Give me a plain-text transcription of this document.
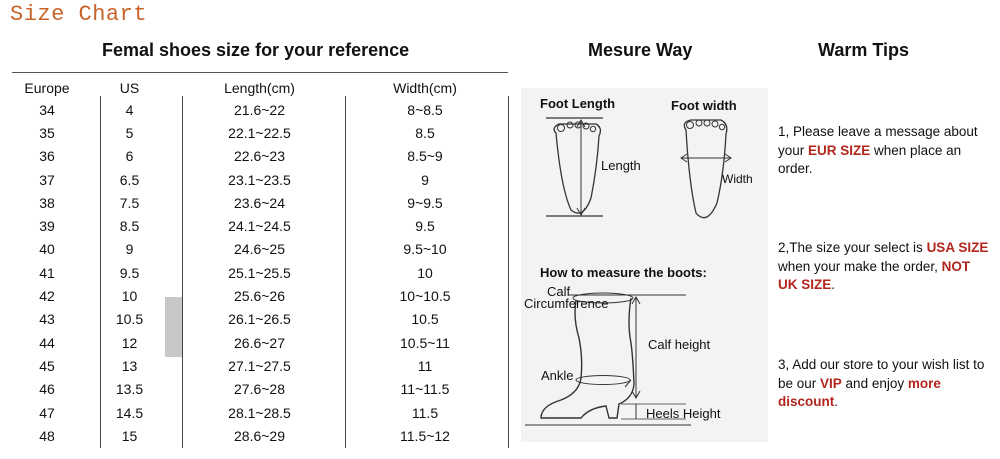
Size Chart
Femal shoes size for your reference	Mesure Way	Warm Tips
Europe	US	Length(cm)	Width(cm)
34	4	21.6~22	8~8.5
35	5	22.1~22.5	8.5
36	6	22.6~23	8.5~9
37	6.5	23.1~23.5	9
38	7.5	23.6~24	9~9.5
39	8.5	24.1~24.5	9.5
40	9	24.6~25	9.5~10
41	9.5	25.1~25.5	10
42	10	25.6~26	10~10.5
43	10.5	26.1~26.5	10.5
44	12	26.6~27	10.5~11
45	13	27.1~27.5	11
46	13.5	27.6~28	11~11.5
47	14.5	28.1~28.5	11.5
48	15	28.6~29	11.5~12
Foot Length	Foot width
Length
Width
How to measure the boots:
Calf
Circumference
Calf height
Ankle
Heels Height
1, Please leave a message about your EUR SIZE when place an order.
2,The size your select is USA SIZE when your make the order, NOT UK SIZE.
3, Add our store to your wish list to be our VIP and enjoy more discount.
